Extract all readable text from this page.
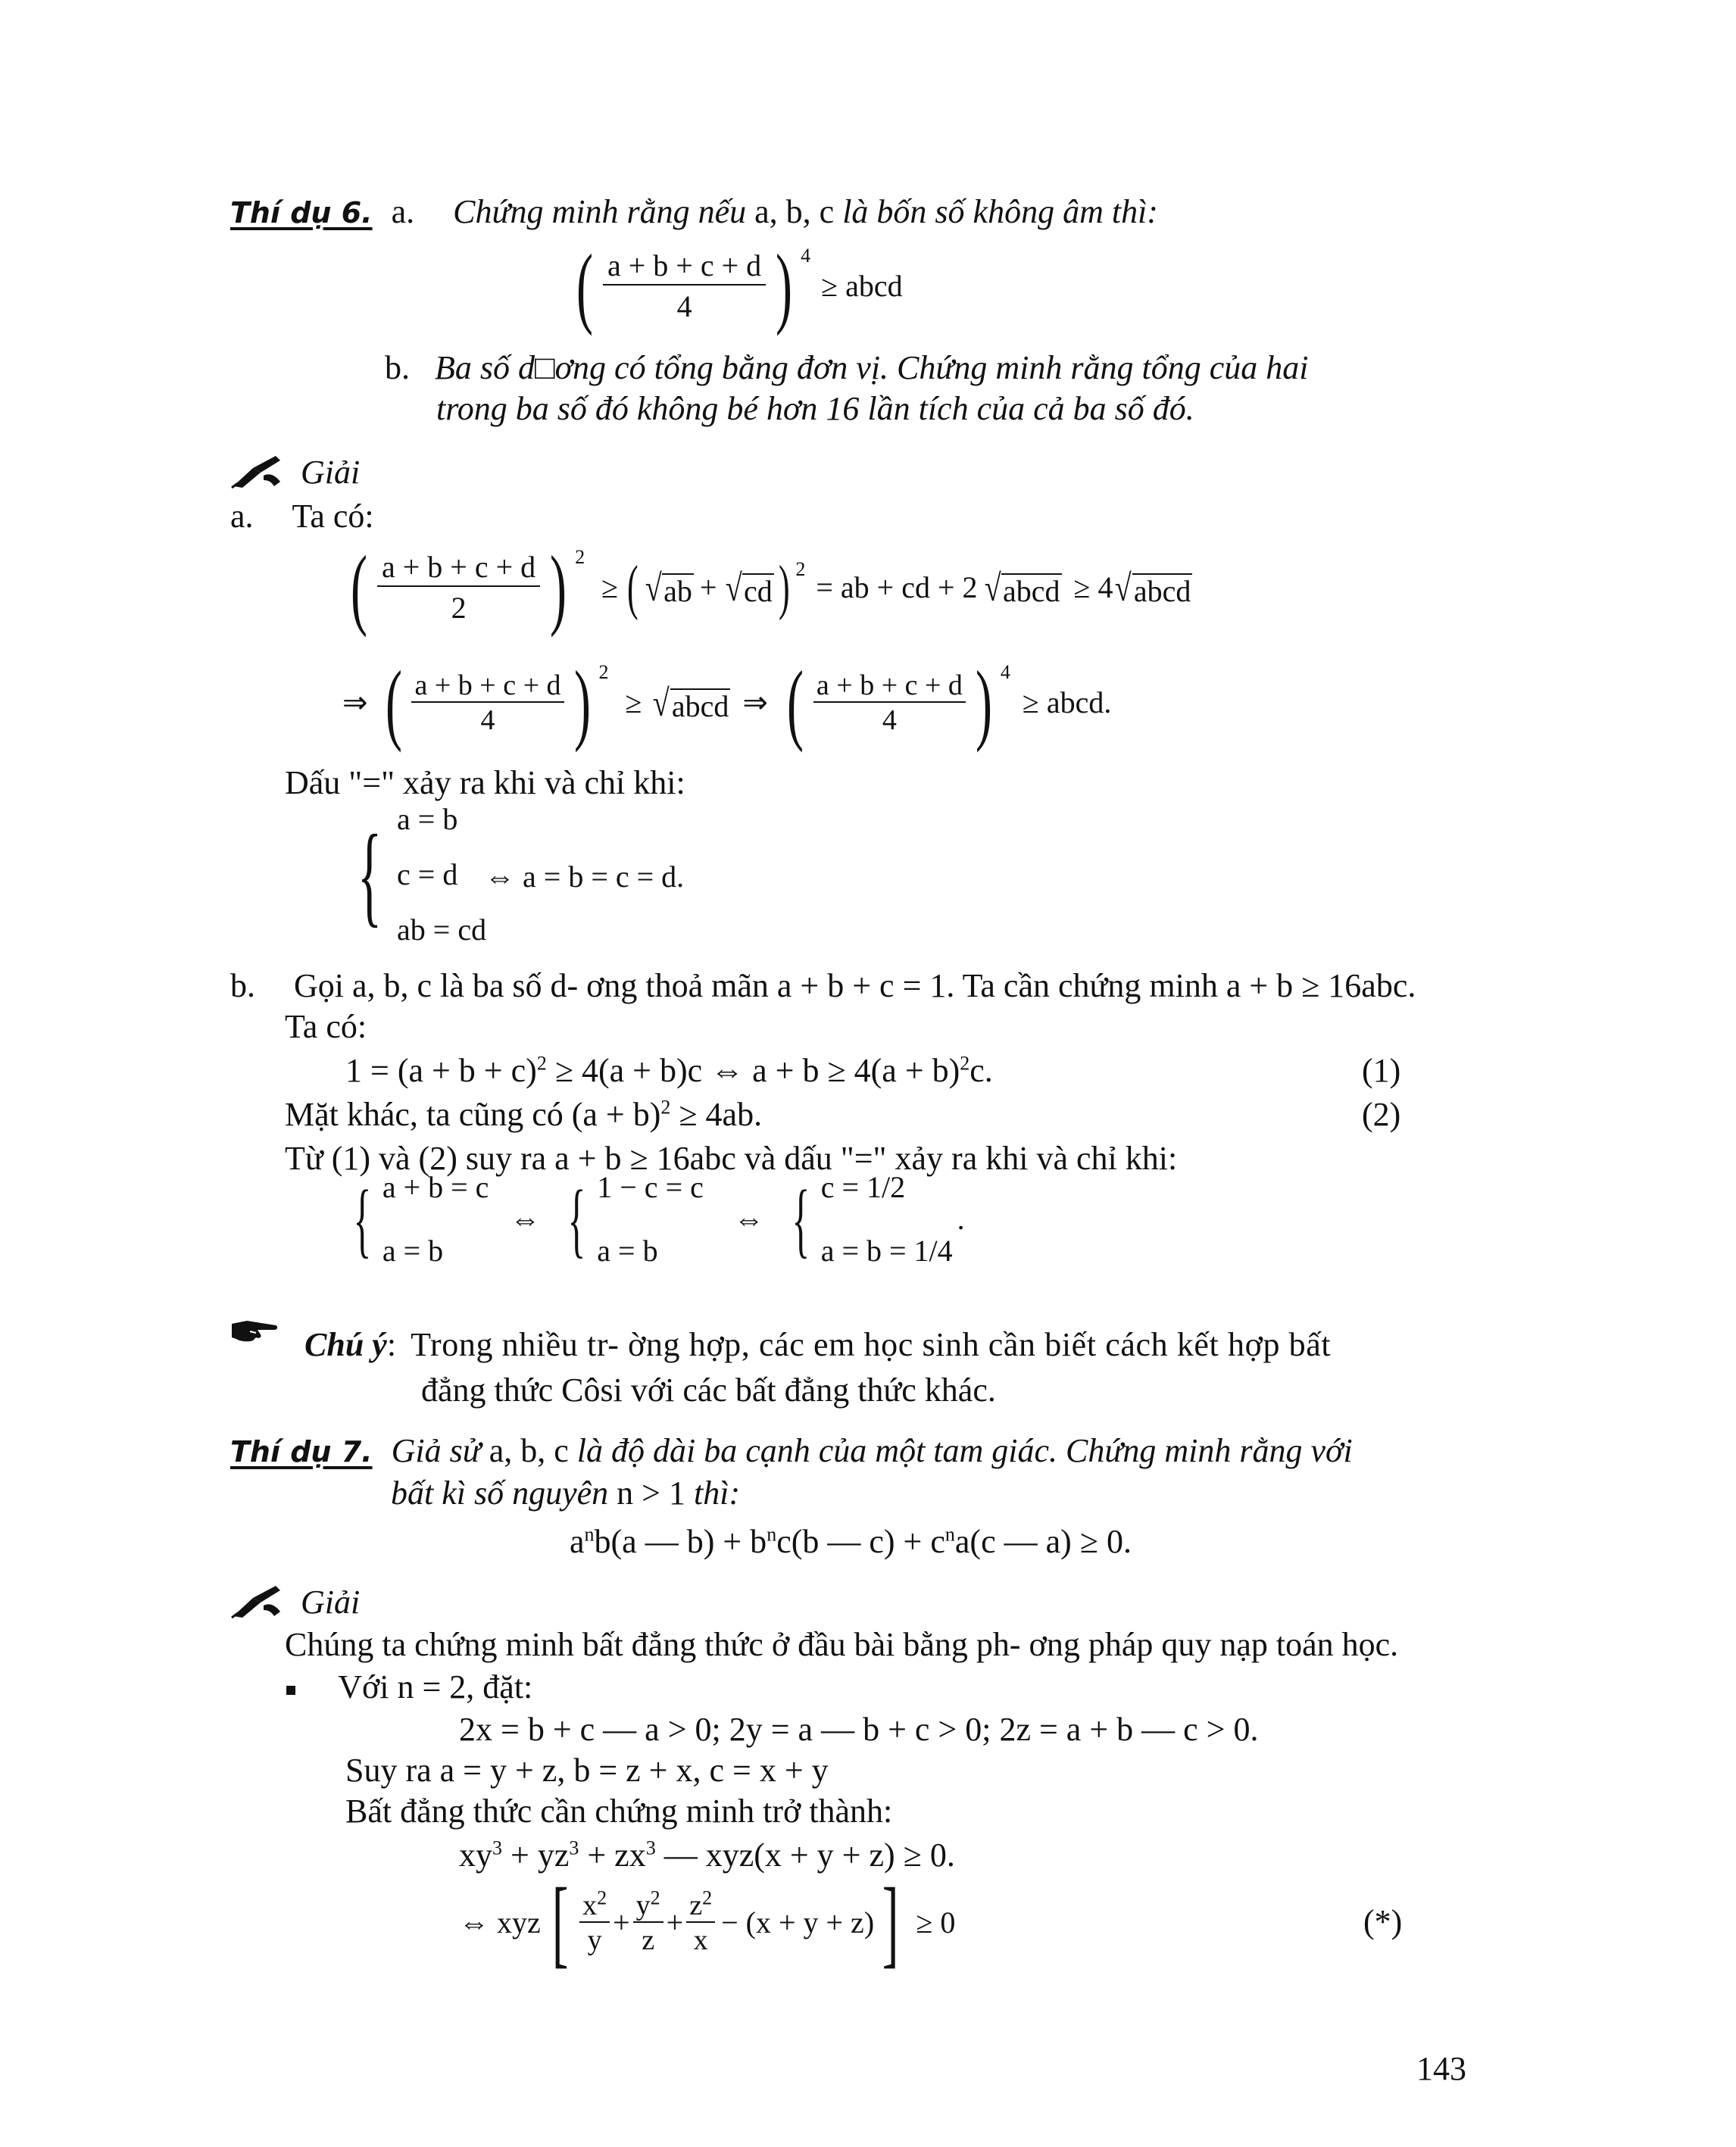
Thí dụ 6. a. Chứng minh rằng nếu a, b, c là bốn số không âm thì:
( $\frac{a + b + c + d}{4}$ ) 4
≥ abcd
b. Ba số d□ơng có tổng bằng đơn vị. Chứng minh rằng tổng của hai
trong ba số đó không bé hơn 16 lần tích của cả ba số đó.
Giải
a. Ta có:
( $\frac{a + b + c + d}{2}$ ) 2
≥ ( √ ab + √ cd ) 2
= ab + cd + 2 √ abcd ≥ 4 √ abcd
⇒ ( $\frac{a + b + c + d}{4}$ ) 2
≥ √ abcd ⇒ ( $\frac{a + b + c + d}{4}$ ) 4
≥ abcd.
Dấu "=" xảy ra khi và chỉ khi:
{ a = b
c = d
ab = cd
⇔ a = b = c = d.
b. Gọi a, b, c là ba số d- ơng thoả mãn a + b + c = 1. Ta cần chứng minh a + b ≥ 16abc.
Ta có:
$1 = (a + b + c)^2 \ge 4(a + b)c$ ⇔ $a + b \ge 4(a + b)^2c$.	(1)
Mặt khác, ta cũng có $(a + b)^2 \ge 4ab$.	(2)
Từ (1) và (2) suy ra a + b ≥ 16abc và dấu "=" xảy ra khi và chỉ khi:
{ a + b = c
a = b
⇔ { 1 − c = c
a = b
⇔ { c = 1/2
a = b = 1/4
.
Chú ý: Trong nhiều tr- ờng hợp, các em học sinh cần biết cách kết hợp bất
đẳng thức Côsi với các bất đẳng thức khác.
Thí dụ 7. Giả sử a, b, c là độ dài ba cạnh của một tam giác. Chứng minh rằng với
bất kì số nguyên n > 1 thì:
$a^nb(a$ — $b) + b^nc(b$ — $c) + c^na(c$ — a) ≥ 0.
Giải
Chúng ta chứng minh bất đẳng thức ở đầu bài bằng ph- ơng pháp quy nạp toán học.
Với n = 2, đặt:
2x = b + c — a > 0; 2y = a — b + c > 0; 2z = a + b — c > 0.
Suy ra a = y + z, b = z + x, c = x + y
Bất đẳng thức cần chứng minh trở thành:
$xy^3 + yz^3 + zx^3$ — xyz(x + y + z) ≥ 0.
⇔ xyz [ $\frac{x^2}{y} + \frac{y^2}{z} + \frac{z^2}{x} - (x + y + z)$ ] ≥ 0	(*)
143
